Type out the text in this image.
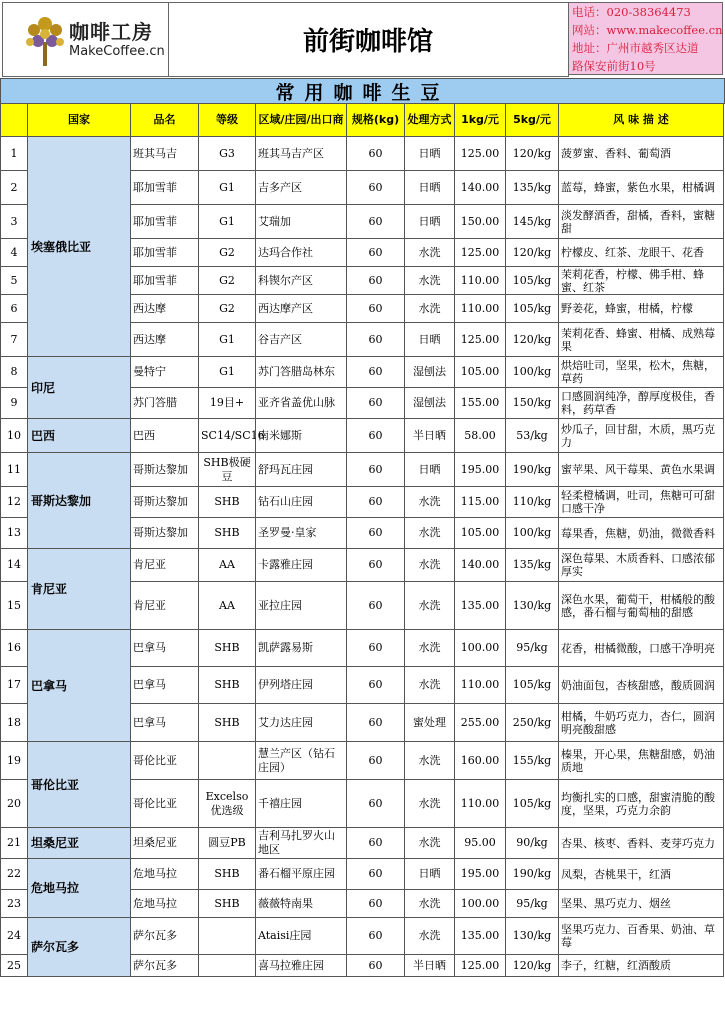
咖啡工房
MakeCoffee.cn	前街咖啡馆
电话：020-38364473
网站：www.makecoffee.cn
地址：广州市越秀区达道
路保安前街10号
常用咖啡生豆
	国家	品名	等级	区域/庄园/出口商	规格(kg)	处理方式	1kg/元	5kg/元	风 味 描 述
1	埃塞俄比亚	班其马吉	G3	班其马吉产区	60	日晒	125.00	120/kg	菠萝蜜、香料、葡萄酒
2		耶加雪菲	G1	吉多产区	60	日晒	140.00	135/kg	蓝莓，蜂蜜，紫色水果，柑橘调
3		耶加雪菲	G1	艾瑞加	60	日晒	150.00	145/kg	淡发酵酒香，甜橘，香料，蜜糖甜
4		耶加雪菲	G2	达玛合作社	60	水洗	125.00	120/kg	柠檬皮、红茶、龙眼干、花香
5		耶加雪菲	G2	科锲尔产区	60	水洗	110.00	105/kg	茉莉花香，柠檬、佛手柑、蜂蜜、红茶
6		西达摩	G2	西达摩产区	60	水洗	110.00	105/kg	野姜花，蜂蜜，柑橘，柠檬
7		西达摩	G1	谷吉产区	60	日晒	125.00	120/kg	茉莉花香、蜂蜜、柑橘、成熟莓果
8	印尼	曼特宁	G1	苏门答腊岛林东	60	湿刨法	105.00	100/kg	烘焙吐司，坚果，松木，焦糖，草药
9		苏门答腊	19目+	亚齐省盖优山脉	60	湿刨法	155.00	150/kg	口感圆润纯净，醇厚度极佳，香料，药草香
10	巴西	巴西	SC14/SC16	南米娜斯	60	半日晒	58.00	53/kg	炒瓜子，回甘甜，木质，黑巧克力
11	哥斯达黎加	哥斯达黎加	SHB极硬豆	舒玛瓦庄园	60	日晒	195.00	190/kg	蜜苹果、风干莓果、黄色水果调
12		哥斯达黎加	SHB	钻石山庄园	60	水洗	115.00	110/kg	轻柔橙橘调，吐司，焦糖可可甜口感干净
13		哥斯达黎加	SHB	圣罗曼·皇家	60	水洗	105.00	100/kg	莓果香，焦糖，奶油，微微香料
14	肯尼亚	肯尼亚	AA	卡露雅庄园	60	水洗	140.00	135/kg	深色莓果、木质香料、口感浓郁厚实
15		肯尼亚	AA	亚拉庄园	60	水洗	135.00	130/kg	深色水果，葡萄干，柑橘般的酸感，番石榴与葡萄柚的甜感
16	巴拿马	巴拿马	SHB	凯萨露易斯	60	水洗	100.00	95/kg	花香，柑橘微酸，口感干净明亮
17		巴拿马	SHB	伊列塔庄园	60	水洗	110.00	105/kg	奶油面包，杏核甜感，酸质圆润
18		巴拿马	SHB	艾力达庄园	60	蜜处理	255.00	250/kg	柑橘，牛奶巧克力，杏仁，圆润明亮酸甜感
19	哥伦比亚	哥伦比亚		慧兰产区（钻石庄园）	60	水洗	160.00	155/kg	榛果，开心果，焦糖甜感，奶油质地
20		哥伦比亚	Excelso优选级	千禧庄园	60	水洗	110.00	105/kg	均衡扎实的口感，甜蜜清脆的酸度，坚果，巧克力余韵
21	坦桑尼亚	坦桑尼亚	圆豆PB	吉利马扎罗火山地区	60	水洗	95.00	90/kg	杏果、核枣、香料、麦芽巧克力
22	危地马拉	危地马拉	SHB	番石榴平原庄园	60	日晒	195.00	190/kg	凤梨，杏桃果干，红酒
23		危地马拉	SHB	薇薇特南果	60	水洗	100.00	95/kg	坚果、黑巧克力、烟丝
24	萨尔瓦多	萨尔瓦多		Ataisi庄园	60	水洗	135.00	130/kg	坚果巧克力、百香果、奶油、草莓
25		萨尔瓦多		喜马拉雅庄园	60	半日晒	125.00	120/kg	李子，红糖，红酒酸质
